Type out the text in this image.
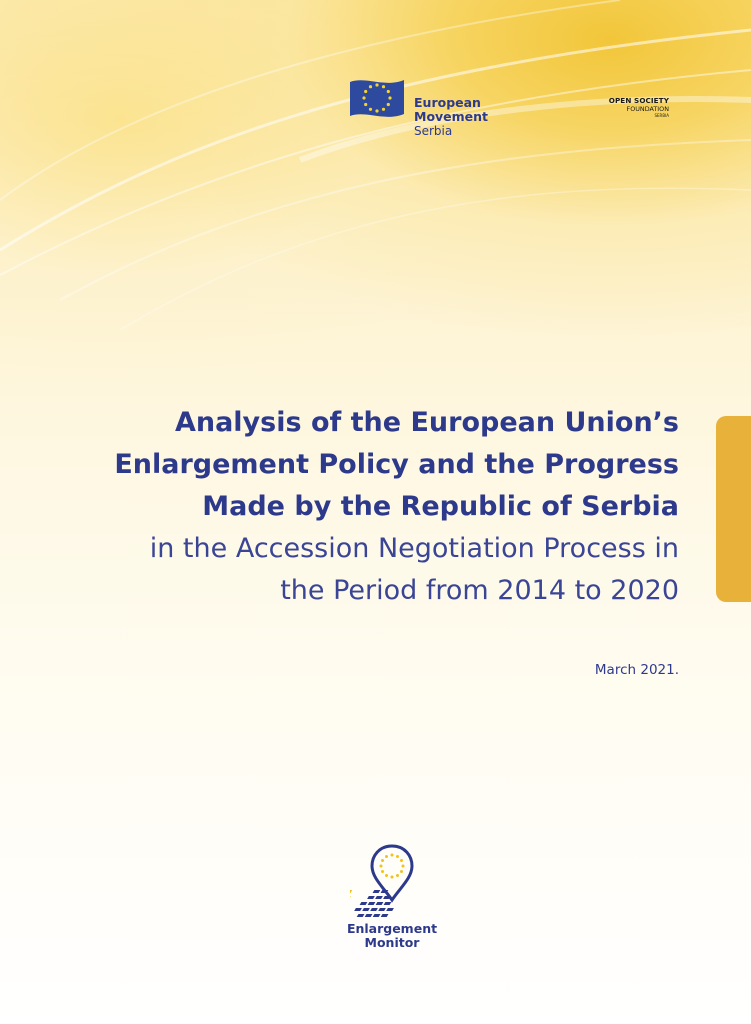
European
Movement
Serbia
OPEN SOCIETY
FOUNDATION
SERBIA
Analysis of the European Union’s
Enlargement Policy and the Progress
Made by the Republic of Serbia
in the Accession Negotiation Process in
the Period from 2014 to 2020
March 2021.
Enlargement
Monitor
